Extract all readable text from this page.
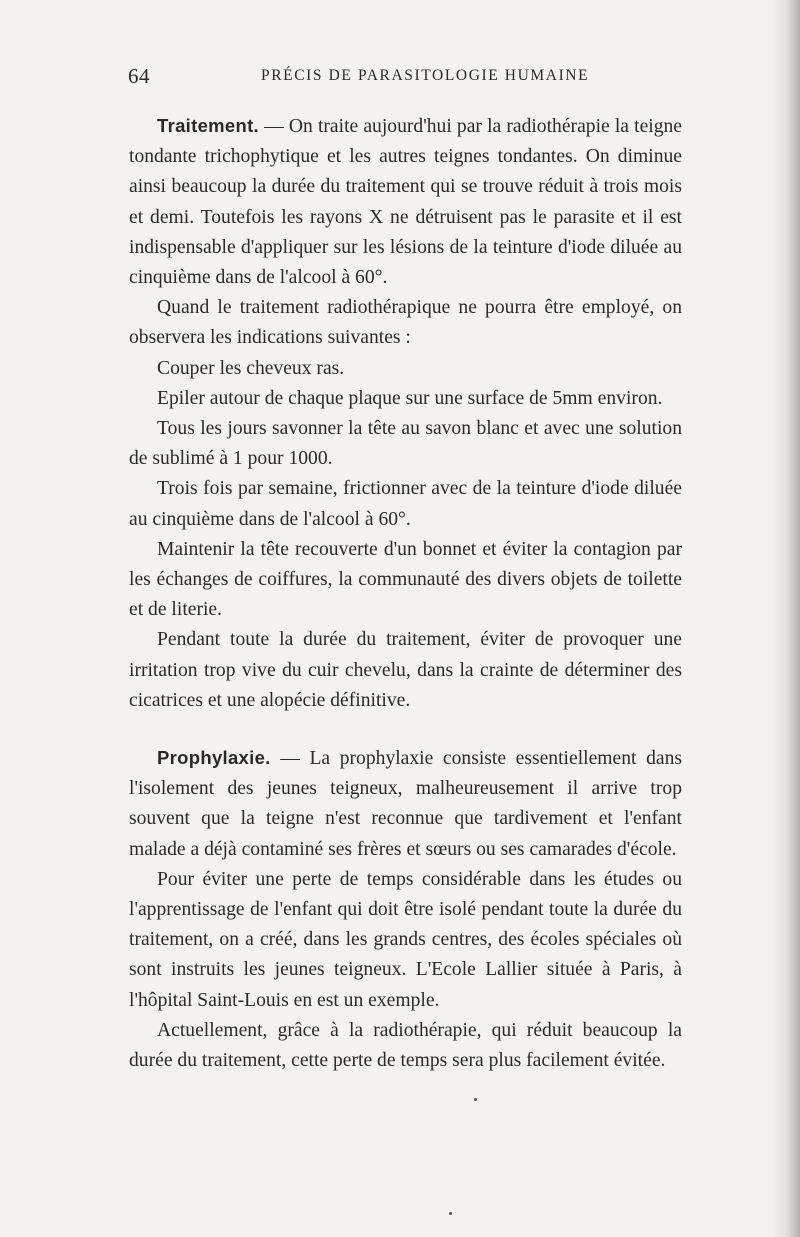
64	PRÉCIS DE PARASITOLOGIE HUMAINE

Traitement. — On traite aujourd'hui par la radiothérapie la teigne tondante trichophytique et les autres teignes tondantes. On diminue ainsi beaucoup la durée du traitement qui se trouve réduit à trois mois et demi. Toutefois les rayons X ne détruisent pas le parasite et il est indispensable d'appliquer sur les lésions de la teinture d'iode diluée au cinquième dans de l'alcool à 60°.

Quand le traitement radiothérapique ne pourra être employé, on observera les indications suivantes :

Couper les cheveux ras.

Epiler autour de chaque plaque sur une surface de 5mm environ.

Tous les jours savonner la tête au savon blanc et avec une solution de sublimé à 1 pour 1000.

Trois fois par semaine, frictionner avec de la teinture d'iode diluée au cinquième dans de l'alcool à 60°.

Maintenir la tête recouverte d'un bonnet et éviter la contagion par les échanges de coiffures, la communauté des divers objets de toilette et de literie.

Pendant toute la durée du traitement, éviter de provoquer une irritation trop vive du cuir chevelu, dans la crainte de déterminer des cicatrices et une alopécie définitive.

Prophylaxie. — La prophylaxie consiste essentiellement dans l'isolement des jeunes teigneux, malheureusement il arrive trop souvent que la teigne n'est reconnue que tardivement et l'enfant malade a déjà contaminé ses frères et sœurs ou ses camarades d'école.

Pour éviter une perte de temps considérable dans les études ou l'apprentissage de l'enfant qui doit être isolé pendant toute la durée du traitement, on a créé, dans les grands centres, des écoles spéciales où sont instruits les jeunes teigneux. L'Ecole Lallier située à Paris, à l'hôpital Saint-Louis en est un exemple.

Actuellement, grâce à la radiothérapie, qui réduit beaucoup la durée du traitement, cette perte de temps sera plus facilement évitée.
